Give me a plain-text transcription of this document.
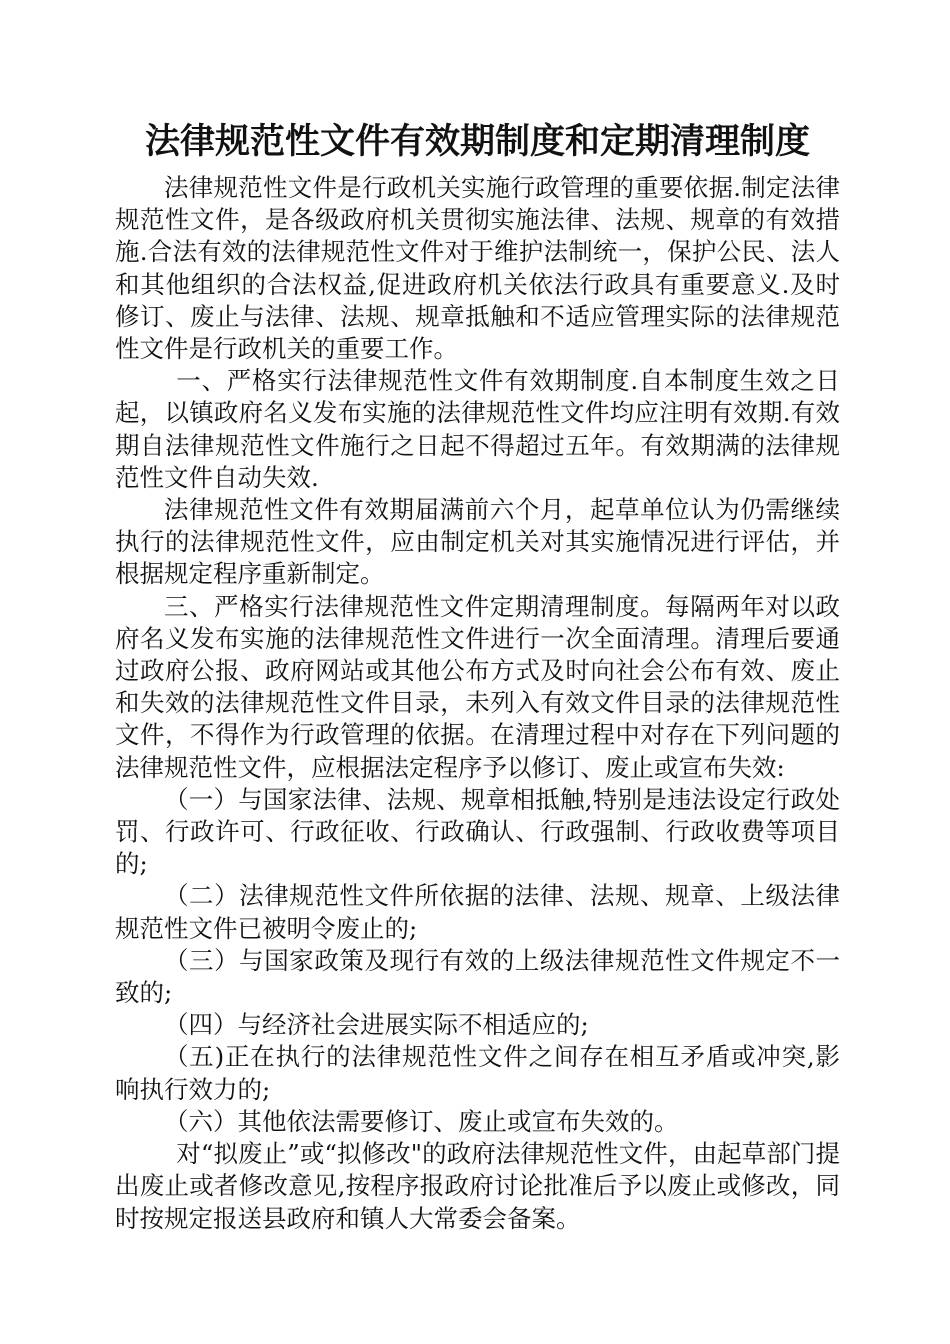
法律规范性文件有效期制度和定期清理制度

法律规范性文件是行政机关实施行政管理的重要依据.制定法律规范性文件，是各级政府机关贯彻实施法律、法规、规章的有效措施.合法有效的法律规范性文件对于维护法制统一，保护公民、法人和其他组织的合法权益,促进政府机关依法行政具有重要意义.及时修订、废止与法律、法规、规章抵触和不适应管理实际的法律规范性文件是行政机关的重要工作。

一、严格实行法律规范性文件有效期制度.自本制度生效之日起，以镇政府名义发布实施的法律规范性文件均应注明有效期.有效期自法律规范性文件施行之日起不得超过五年。有效期满的法律规范性文件自动失效.

法律规范性文件有效期届满前六个月，起草单位认为仍需继续执行的法律规范性文件，应由制定机关对其实施情况进行评估，并根据规定程序重新制定。

三、严格实行法律规范性文件定期清理制度。每隔两年对以政府名义发布实施的法律规范性文件进行一次全面清理。清理后要通过政府公报、政府网站或其他公布方式及时向社会公布有效、废止和失效的法律规范性文件目录，未列入有效文件目录的法律规范性文件，不得作为行政管理的依据。在清理过程中对存在下列问题的法律规范性文件，应根据法定程序予以修订、废止或宣布失效:

（一）与国家法律、法规、规章相抵触,特别是违法设定行政处罚、行政许可、行政征收、行政确认、行政强制、行政收费等项目的;

（二）法律规范性文件所依据的法律、法规、规章、上级法律规范性文件已被明令废止的;

（三）与国家政策及现行有效的上级法律规范性文件规定不一致的;

（四）与经济社会进展实际不相适应的;

（五)正在执行的法律规范性文件之间存在相互矛盾或冲突,影响执行效力的;

（六）其他依法需要修订、废止或宣布失效的。

对“拟废止”或“拟修改"的政府法律规范性文件，由起草部门提出废止或者修改意见,按程序报政府讨论批准后予以废止或修改，同时按规定报送县政府和镇人大常委会备案。
